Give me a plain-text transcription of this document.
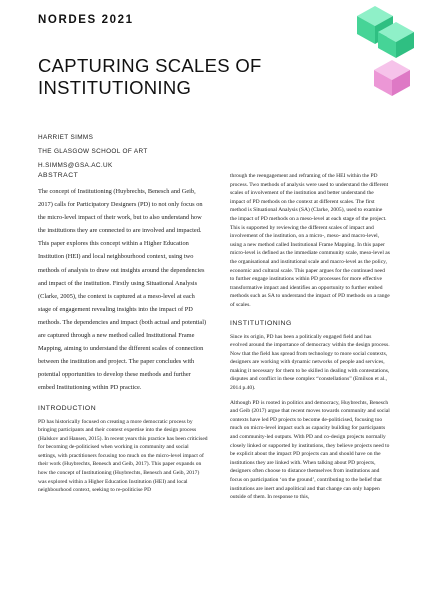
NORDES 2021
CAPTURING SCALES OF INSTITUTIONING
HARRIET SIMMS
THE GLASGOW SCHOOL OF ART
H.SIMMS@GSA.AC.UK
ABSTRACT

The concept of Institutioning (Huybrechts, Benesch and Geib, 2017) calls for Participatory Designers (PD) to not only focus on the micro-level impact of their work, but to also understand how the institutions they are connected to are involved and impacted. This paper explores this concept within a Higher Education Institution (HEI) and local neighbourhood context, using two methods of analysis to draw out insights around the dependencies and impact of the institution. Firstly using Situational Analysis (Clarke, 2005), the context is captured at a meso-level at each stage of engagement revealing insights into the impact of PD methods. The dependencies and impact (both actual and potential) are captured through a new method called Institutional Frame Mapping, aiming to understand the different scales of connection between the institution and project. The paper concludes with potential opportunities to develop these methods and further embed Institutioning within PD practice.

INTRODUCTION

PD has historically focused on creating a more democratic process by bringing participants and their context expertise into the design process (Halskov and Hansen, 2015). In recent years this practice has been criticised for becoming de-politicised when working in community and social settings, with practitioners focusing too much on the micro-level impact of their work (Huybrechts, Benesch and Geib, 2017). This paper expands on how the concept of Institutioning (Huybrechts, Benesch and Geib, 2017) was explored within a Higher Education Institution (HEI) and local neighbourhood context, seeking to re-politicise PD

through the reengagement and reframing of the HEI within the PD process. Two methods of analysis were used to understand the different scales of involvement of the institution and better understand the impact of PD methods on the context at different scales. The first method is Situational Analysis (SA) (Clarke, 2005), used to examine the impact of PD methods on a meso-level at each stage of the project. This is supported by reviewing the different scales of impact and involvement of the institution, on a micro-, meso- and macro-level, using a new method called Institutional Frame Mapping. In this paper micro-level is defined as the immediate community scale, meso-level as the organisational and institutional scale and macro-level as the policy, economic and cultural scale. This paper argues for the continued need to further engage institutions within PD processes for more effective transformative impact and identifies an opportunity to further embed methods such as SA to understand the impact of PD methods on a range of scales.

INSTITUTIONING

Since its origin, PD has been a politically engaged field and has evolved around the importance of democracy within the design process. Now that the field has spread from technology to more social contexts, designers are working with dynamic networks of people and services, making it necessary for them to be skilled in dealing with contestations, disputes and conflict in these complex “constellations” (Emilson et al., 2014 p.40).

Although PD is rooted in politics and democracy, Huybrechts, Benesch and Geib (2017) argue that recent moves towards community and social contexts have led PD projects to become de-politicised, focusing too much on micro-level impact such as capacity building for participants and community-led outputs. With PD and co-design projects normally closely linked or supported by institutions, they believe projects need to be explicit about the impact PD projects can and should have on the institutions they are linked with. When talking about PD projects, designers often choose to distance themselves from institutions and focus on participation ‘on the ground’, contributing to the belief that institutions are inert and apolitical and that change can only happen outside of them. In response to this,
